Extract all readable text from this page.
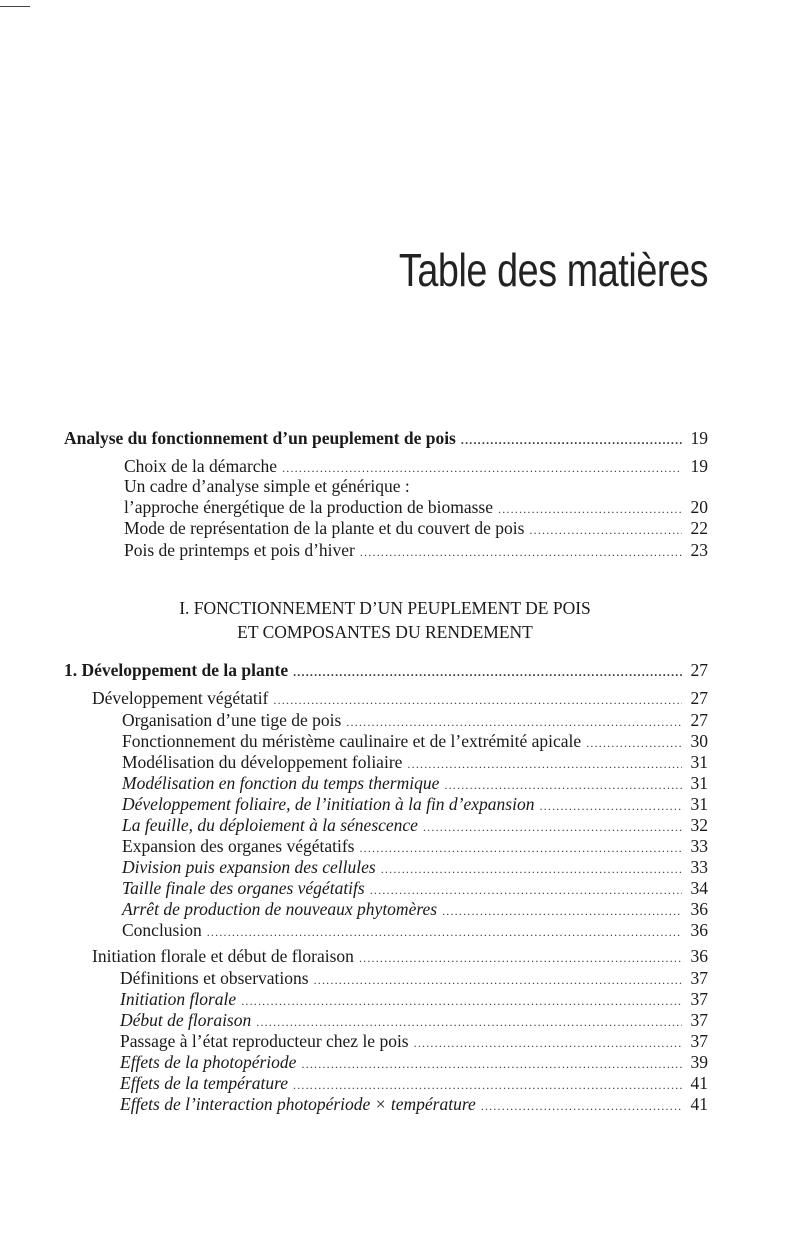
Table des matières
Analyse du fonctionnement d’un peuplement de pois .....	19
Choix de la démarche .....	19
Un cadre d’analyse simple et générique :
l’approche énergétique de la production de biomasse .....	20
Mode de représentation de la plante et du couvert de pois .....	22
Pois de printemps et pois d’hiver .....	23
I. FONCTIONNEMENT D’UN PEUPLEMENT DE POIS
ET COMPOSANTES DU RENDEMENT
1. Développement de la plante .....	27
Développement végétatif .....	27
Organisation d’une tige de pois .....	27
Fonctionnement du méristème caulinaire et de l’extrémité apicale .....	30
Modélisation du développement foliaire .....	31
Modélisation en fonction du temps thermique .....	31
Développement foliaire, de l’initiation à la fin d’expansion .....	31
La feuille, du déploiement à la sénescence .....	32
Expansion des organes végétatifs .....	33
Division puis expansion des cellules .....	33
Taille finale des organes végétatifs .....	34
Arrêt de production de nouveaux phytomères .....	36
Conclusion .....	36
Initiation florale et début de floraison .....	36
Définitions et observations .....	37
Initiation florale .....	37
Début de floraison .....	37
Passage à l’état reproducteur chez le pois .....	37
Effets de la photopériode .....	39
Effets de la température .....	41
Effets de l’interaction photopériode × température .....	41
